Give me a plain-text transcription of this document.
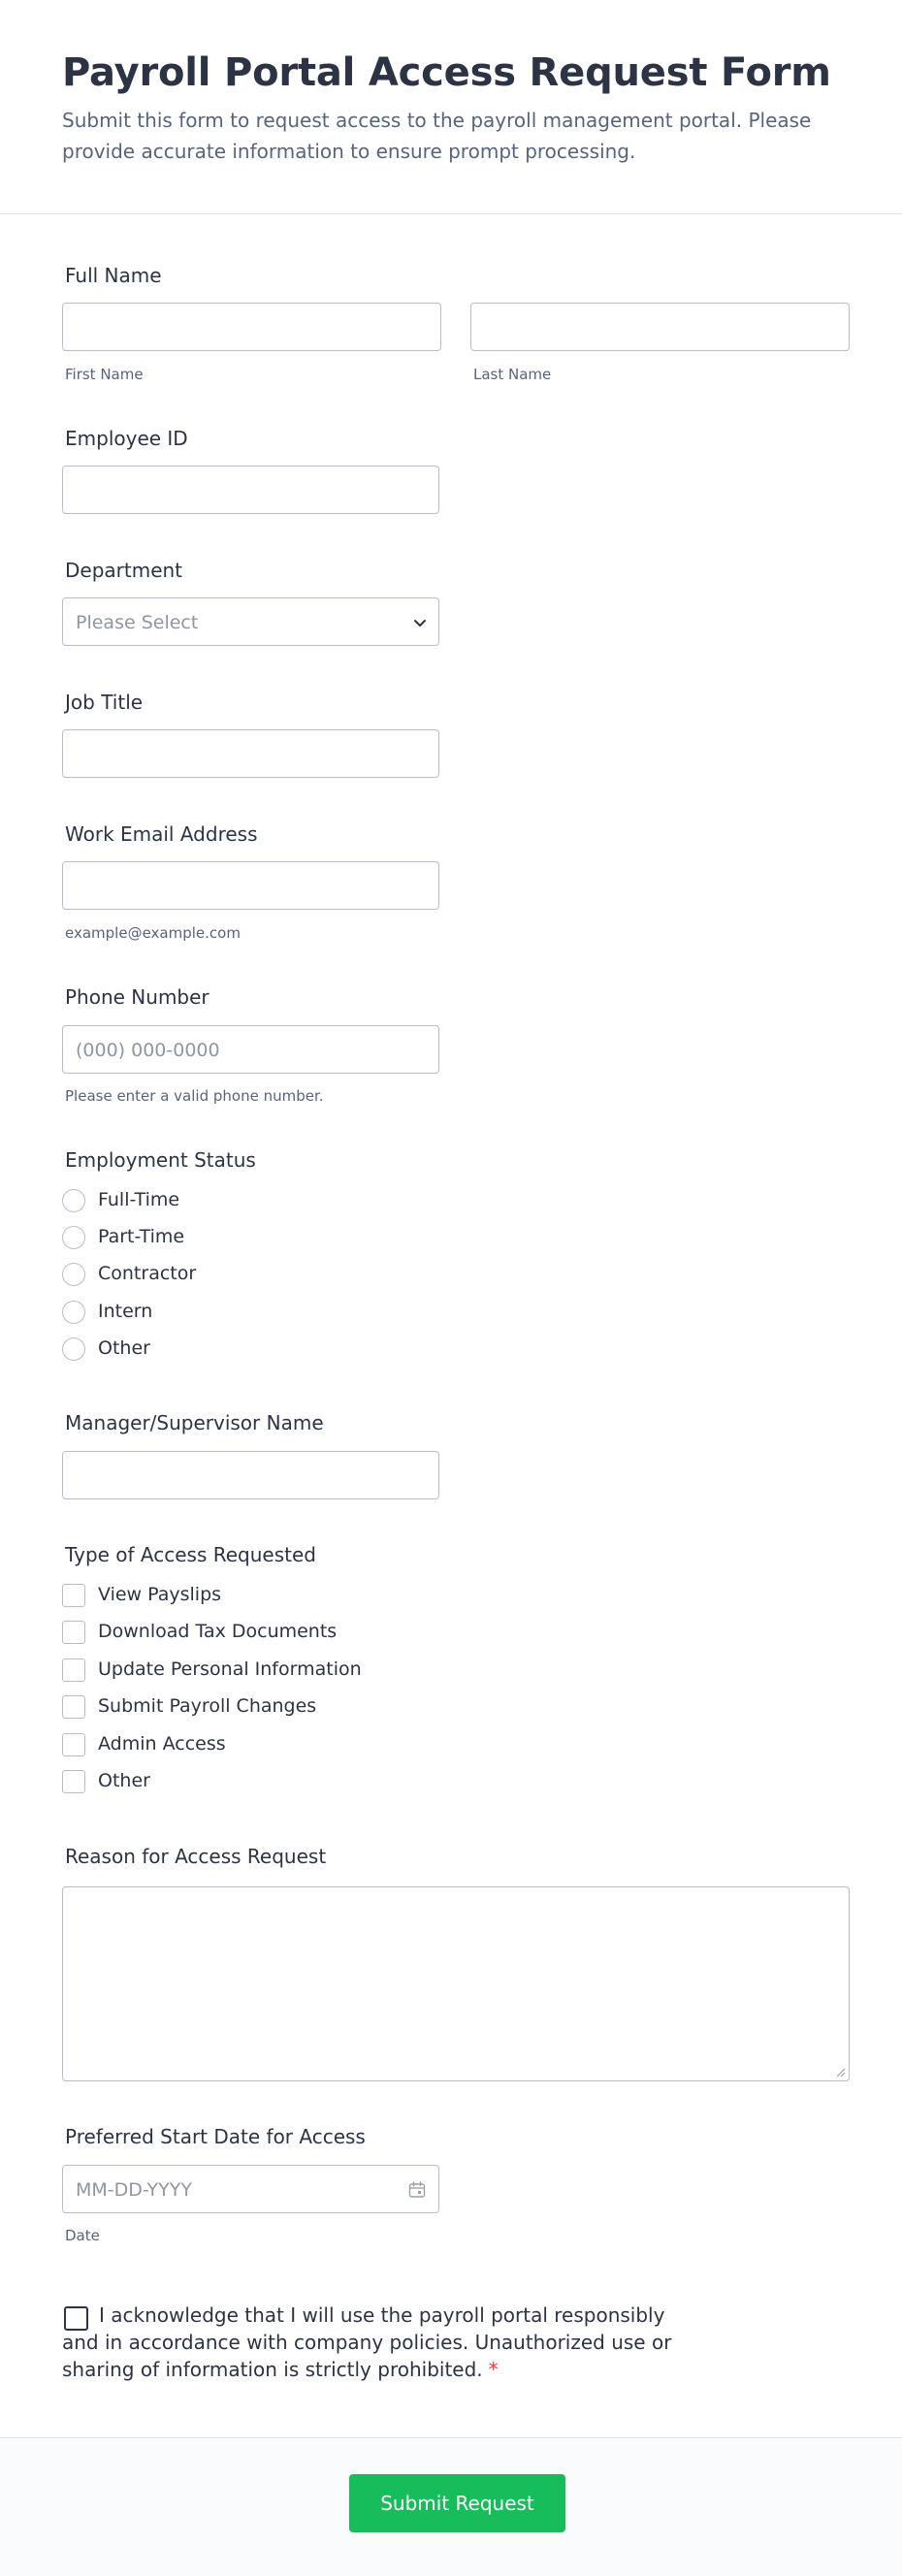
Payroll Portal Access Request Form
Submit this form to request access to the payroll management portal. Please provide accurate information to ensure prompt processing.
Full Name
First Name	Last Name
Employee ID
Department
Please Select
Job Title
Work Email Address
example@example.com
Phone Number
(000) 000-0000
Please enter a valid phone number.
Employment Status
Full-Time
Part-Time
Contractor
Intern
Other
Manager/Supervisor Name
Type of Access Requested
View Payslips
Download Tax Documents
Update Personal Information
Submit Payroll Changes
Admin Access
Other
Reason for Access Request
Preferred Start Date for Access
MM-DD-YYYY
Date
I acknowledge that I will use the payroll portal responsibly and in accordance with company policies. Unauthorized use or sharing of information is strictly prohibited. *
Submit Request
